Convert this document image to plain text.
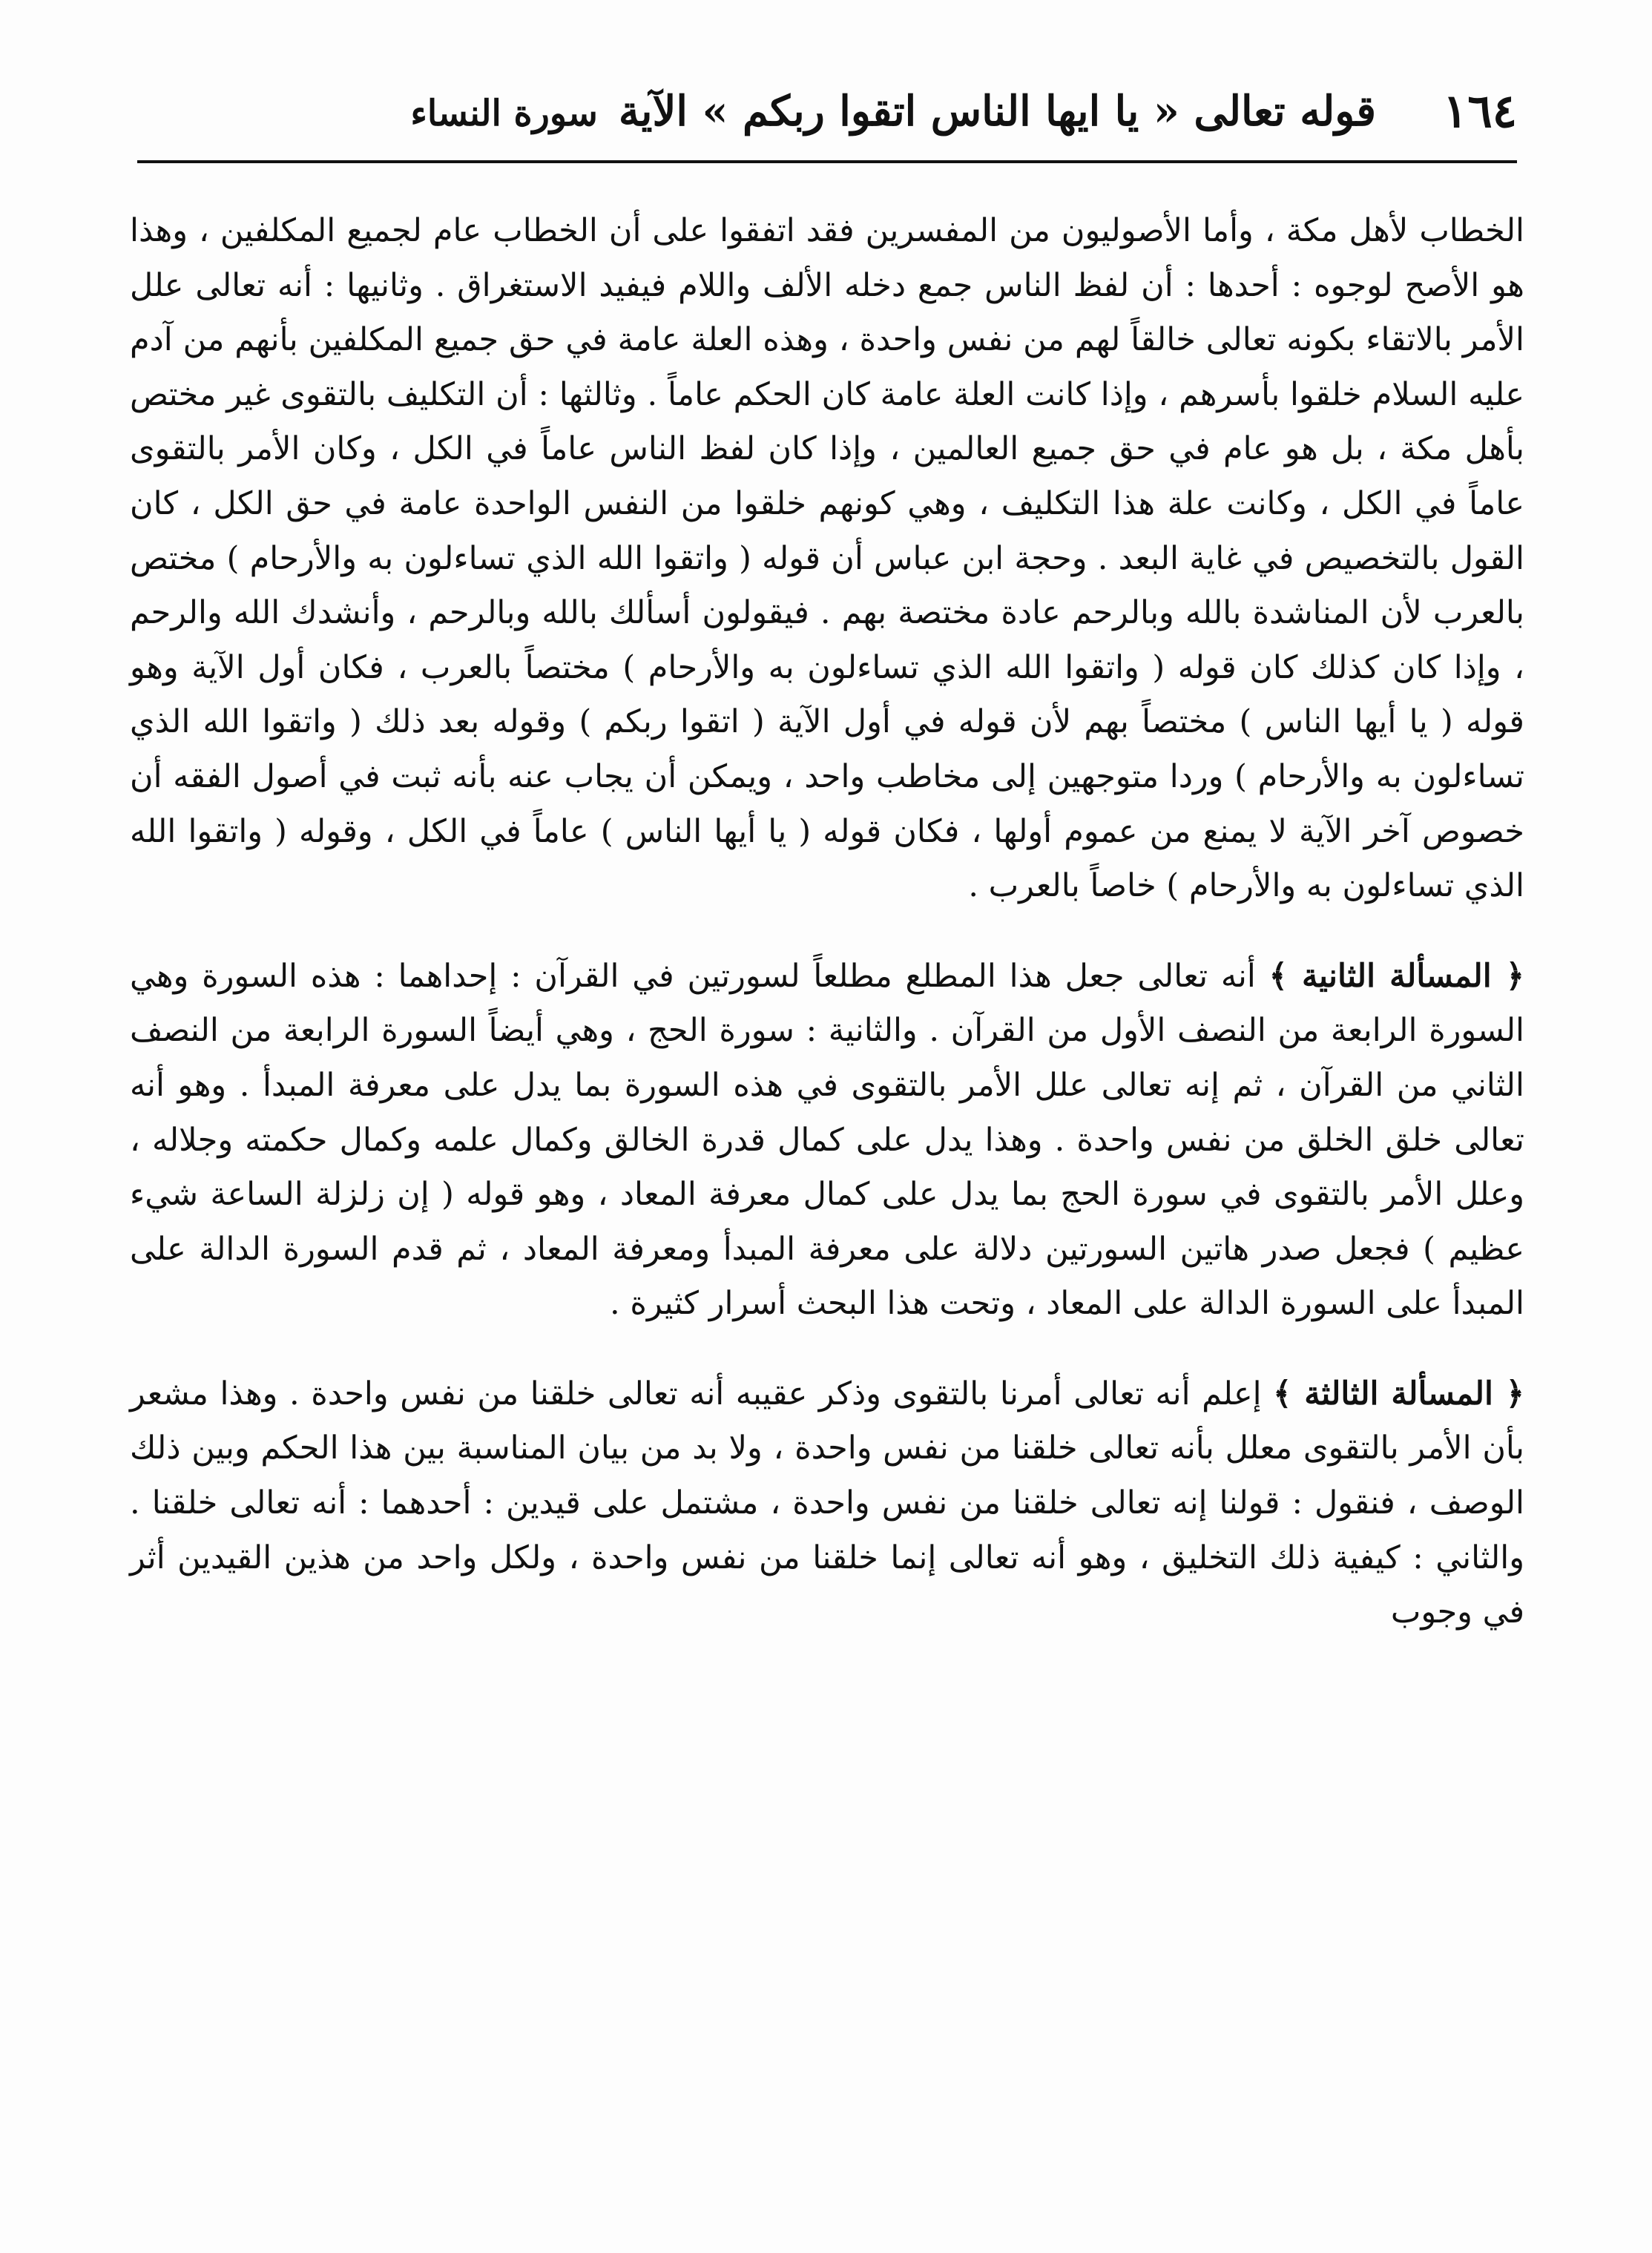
١٦٤
قوله تعالى « يا ايها الناس اتقوا ربكم » الآيةسورة النساء

الخطاب لأهل مكة ، وأما الأصوليون من المفسرين فقد اتفقوا على أن الخطاب عام لجميع المكلفين ، وهذا هو الأصح لوجوه : أحدها : أن لفظ الناس جمع دخله الألف واللام فيفيد الاستغراق . وثانيها : أنه تعالى علل الأمر بالاتقاء بكونه تعالى خالقاً لهم من نفس واحدة ، وهذه العلة عامة في حق جميع المكلفين بأنهم من آدم عليه السلام خلقوا بأسرهم ، وإذا كانت العلة عامة كان الحكم عاماً . وثالثها : أن التكليف بالتقوى غير مختص بأهل مكة ، بل هو عام في حق جميع العالمين ، وإذا كان لفظ الناس عاماً في الكل ، وكان الأمر بالتقوى عاماً في الكل ، وكانت علة هذا التكليف ، وهي كونهم خلقوا من النفس الواحدة عامة في حق الكل ، كان القول بالتخصيص في غاية البعد . وحجة ابن عباس أن قوله ( واتقوا الله الذي تساءلون به والأرحام ) مختص بالعرب لأن المناشدة بالله وبالرحم عادة مختصة بهم . فيقولون أسألك بالله وبالرحم ، وأنشدك الله والرحم ، وإذا كان كذلك كان قوله ( واتقوا الله الذي تساءلون به والأرحام ) مختصاً بالعرب ، فكان أول الآية وهو قوله ( يا أيها الناس ) مختصاً بهم لأن قوله في أول الآية ( اتقوا ربكم ) وقوله بعد ذلك ( واتقوا الله الذي تساءلون به والأرحام ) وردا متوجهين إلى مخاطب واحد ، ويمكن أن يجاب عنه بأنه ثبت في أصول الفقه أن خصوص آخر الآية لا يمنع من عموم أولها ، فكان قوله ( يا أيها الناس ) عاماً في الكل ، وقوله ( واتقوا الله الذي تساءلون به والأرحام ) خاصاً بالعرب .

﴿ المسألة الثانية ﴾ أنه تعالى جعل هذا المطلع مطلعاً لسورتين في القرآن : إحداهما : هذه السورة وهي السورة الرابعة من النصف الأول من القرآن . والثانية : سورة الحج ، وهي أيضاً السورة الرابعة من النصف الثاني من القرآن ، ثم إنه تعالى علل الأمر بالتقوى في هذه السورة بما يدل على معرفة المبدأ . وهو أنه تعالى خلق الخلق من نفس واحدة . وهذا يدل على كمال قدرة الخالق وكمال علمه وكمال حكمته وجلاله ، وعلل الأمر بالتقوى في سورة الحج بما يدل على كمال معرفة المعاد ، وهو قوله ( إن زلزلة الساعة شيء عظيم ) فجعل صدر هاتين السورتين دلالة على معرفة المبدأ ومعرفة المعاد ، ثم قدم السورة الدالة على المبدأ على السورة الدالة على المعاد ، وتحت هذا البحث أسرار كثيرة .

﴿ المسألة الثالثة ﴾ إعلم أنه تعالى أمرنا بالتقوى وذكر عقيبه أنه تعالى خلقنا من نفس واحدة . وهذا مشعر بأن الأمر بالتقوى معلل بأنه تعالى خلقنا من نفس واحدة ، ولا بد من بيان المناسبة بين هذا الحكم وبين ذلك الوصف ، فنقول : قولنا إنه تعالى خلقنا من نفس واحدة ، مشتمل على قيدين : أحدهما : أنه تعالى خلقنا . والثاني : كيفية ذلك التخليق ، وهو أنه تعالى إنما خلقنا من نفس واحدة ، ولكل واحد من هذين القيدين أثر في وجوب
